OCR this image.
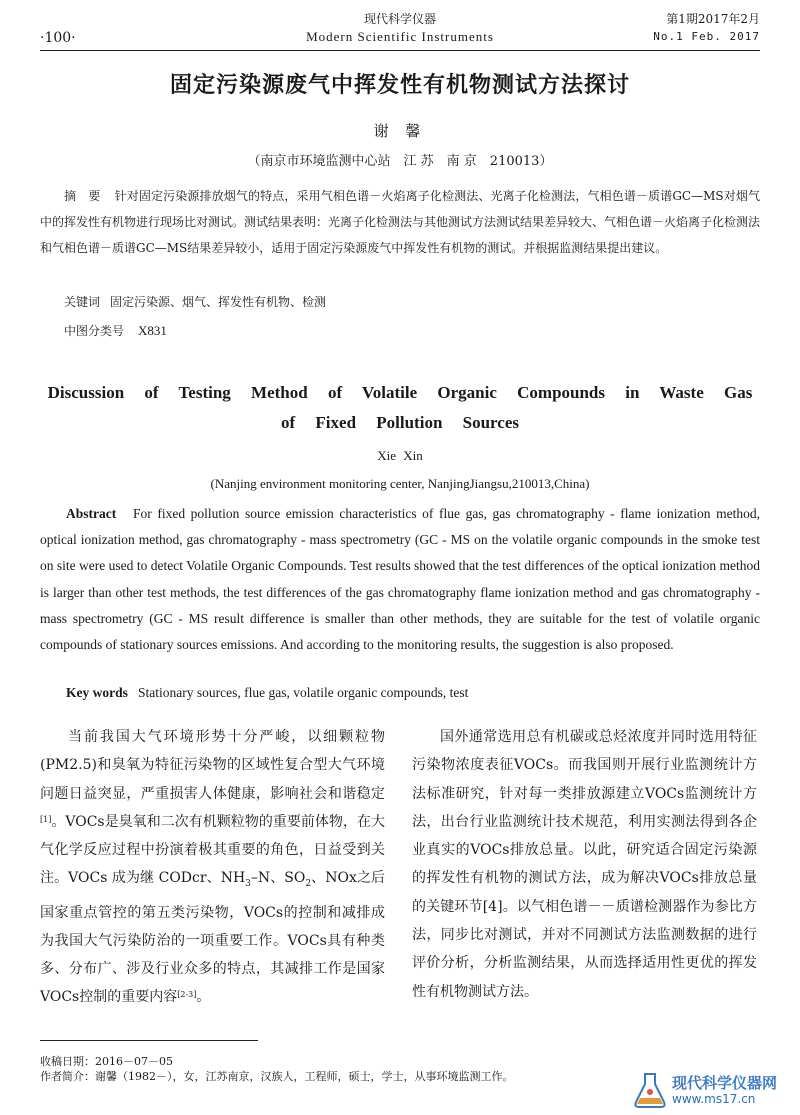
·100·
现代科学仪器
Modern Scientific Instruments
第1期2017年2月
No.1 Feb. 2017
固定污染源废气中挥发性有机物测试方法探讨
谢 馨
（南京市环境监测中心站　江 苏　南 京　210013）
摘　要 针对固定污染源排放烟气的特点，采用气相色谱－火焰离子化检测法、光离子化检测法，气相色谱－质谱GC—MS对烟气中的挥发性有机物进行现场比对测试。测试结果表明：光离子化检测法与其他测试方法测试结果差异较大、气相色谱－火焰离子化检测法和气相色谱－质谱GC—MS结果差异较小，适用于固定污染源废气中挥发性有机物的测试。并根据监测结果提出建议。
关键词 固定污染源、烟气、挥发性有机物、检测
中图分类号 X831
Discussion of Testing Method of Volatile Organic Compounds in Waste Gas
of Fixed Pollution Sources
Xie Xin
(Nanjing environment monitoring center, NanjingJiangsu,210013,China)
Abstract For fixed pollution source emission characteristics of flue gas, gas chromatography - flame ionization method, optical ionization method, gas chromatography - mass spectrometry (GC - MS on the volatile organic compounds in the smoke test on site were used to detect Volatile Organic Compounds. Test results showed that the test differences of the optical ionization method is larger than other test methods, the test differences of the gas chromatography flame ionization method and gas chromatography - mass spectrometry (GC - MS result difference is smaller than other methods, they are suitable for the test of volatile organic compounds of stationary sources emissions. And according to the monitoring results, the suggestion is also proposed.
Key words Stationary sources, flue gas, volatile organic compounds, test
当前我国大气环境形势十分严峻，以细颗粒物(PM2.5)和臭氧为特征污染物的区域性复合型大气环境问题日益突显，严重损害人体健康，影响社会和谐稳定[1]。VOCs是臭氧和二次有机颗粒物的重要前体物，在大气化学反应过程中扮演着极其重要的角色，日益受到关注。VOCs 成为继 CODcr、$NH_3-N$、$SO_2$、NOx之后国家重点管控的第五类污染物，VOCs的控制和减排成为我国大气污染防治的一项重要工作。VOCs具有种类多、分布广、涉及行业众多的特点，其减排工作是国家VOCs控制的重要内容[2-3]。
国外通常选用总有机碳或总烃浓度并同时选用特征污染物浓度表征VOCs。而我国则开展行业监测统计方法标准研究，针对每一类排放源建立VOCs监测统计方法，出台行业监测统计技术规范，利用实测法得到各企业真实的VOCs排放总量。以此，研究适合固定污染源的挥发性有机物的测试方法，成为解决VOCs排放总量的关键环节[4]。以气相色谱－－质谱检测器作为参比方法，同步比对测试，并对不同测试方法监测数据的进行评价分析，分析监测结果，从而选择适用性更优的挥发性有机物测试方法。
收稿日期：2016－07－05
作者简介：谢馨（1982－），女，江苏南京，汉族人，工程师，硕士，学士，从事环境监测工作。	现代科学仪器网
www.ms17.cn
